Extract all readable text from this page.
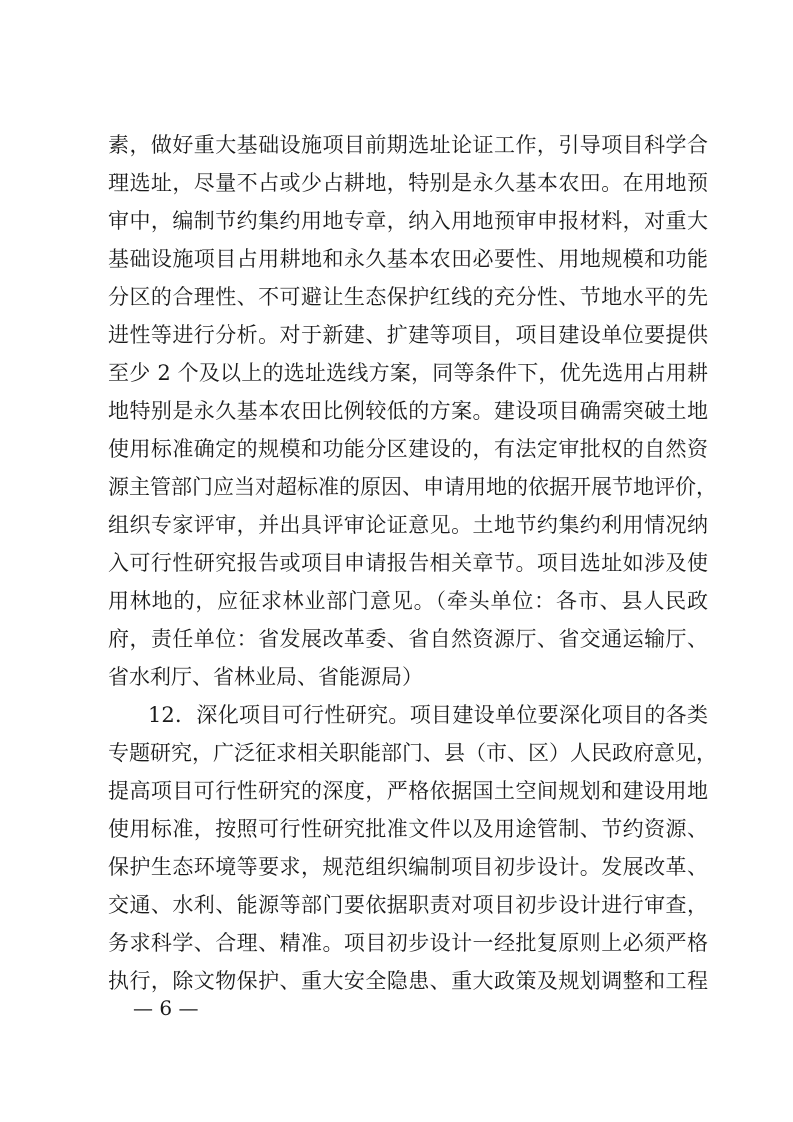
素，做好重大基础设施项目前期选址论证工作，引导项目科学合
理选址，尽量不占或少占耕地，特别是永久基本农田。在用地预
审中，编制节约集约用地专章，纳入用地预审申报材料，对重大
基础设施项目占用耕地和永久基本农田必要性、用地规模和功能
分区的合理性、不可避让生态保护红线的充分性、节地水平的先
进性等进行分析。对于新建、扩建等项目，项目建设单位要提供
至少 2 个及以上的选址选线方案，同等条件下，优先选用占用耕
地特别是永久基本农田比例较低的方案。建设项目确需突破土地
使用标准确定的规模和功能分区建设的，有法定审批权的自然资
源主管部门应当对超标准的原因、申请用地的依据开展节地评价，
组织专家评审，并出具评审论证意见。土地节约集约利用情况纳
入可行性研究报告或项目申请报告相关章节。项目选址如涉及使
用林地的，应征求林业部门意见。（牵头单位：各市、县人民政
府，责任单位：省发展改革委、省自然资源厅、省交通运输厅、
省水利厅、省林业局、省能源局）
12．深化项目可行性研究。项目建设单位要深化项目的各类
专题研究，广泛征求相关职能部门、县（市、区）人民政府意见，
提高项目可行性研究的深度，严格依据国土空间规划和建设用地
使用标准，按照可行性研究批准文件以及用途管制、节约资源、
保护生态环境等要求，规范组织编制项目初步设计。发展改革、
交通、水利、能源等部门要依据职责对项目初步设计进行审查，
务求科学、合理、精准。项目初步设计一经批复原则上必须严格
执行，除文物保护、重大安全隐患、重大政策及规划调整和工程
— 6 —
